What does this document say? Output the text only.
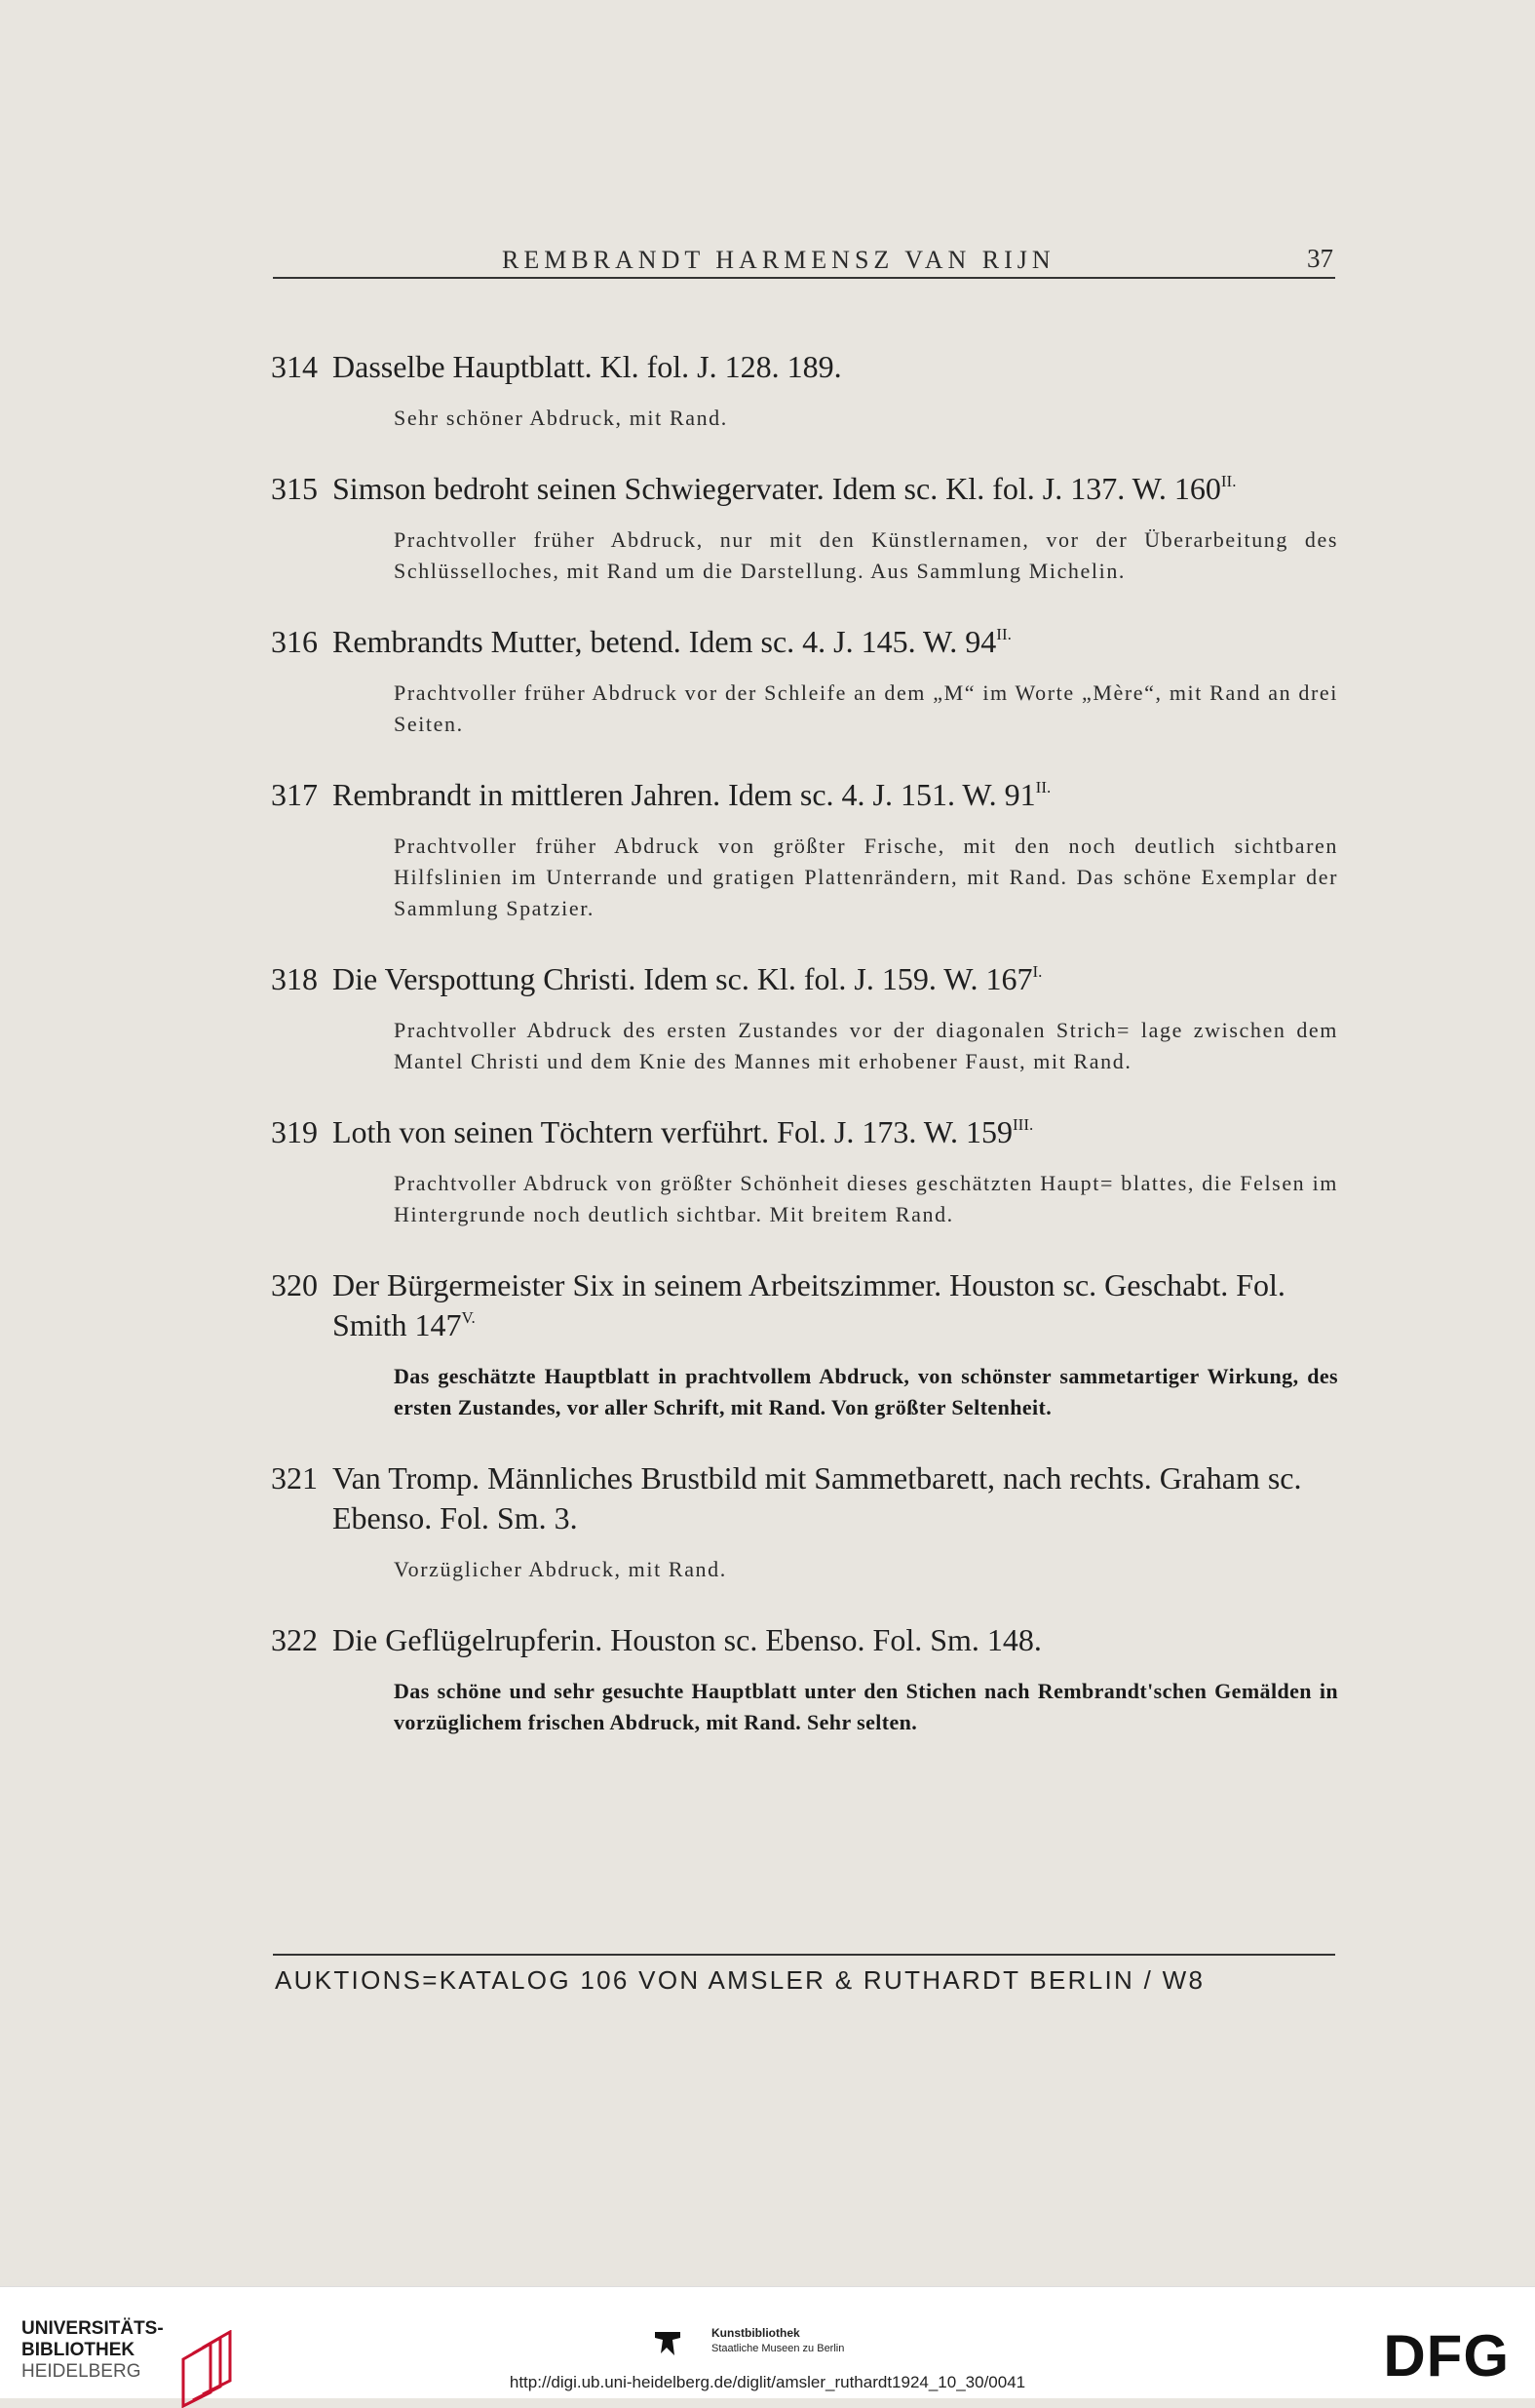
REMBRANDT HARMENSZ VAN RIJN	37
314 Dasselbe Hauptblatt. Kl. fol. J. 128. 189.
Sehr schöner Abdruck, mit Rand.
315 Simson bedroht seinen Schwiegervater. Idem sc. Kl. fol. J. 137. W. $160^{II.}$
Prachtvoller früher Abdruck, nur mit den Künstlernamen, vor der Überarbeitung des Schlüsselloches, mit Rand um die Darstellung. Aus Sammlung Michelin.
316 Rembrandts Mutter, betend. Idem sc. 4. J. 145. W. $94^{II.}$
Prachtvoller früher Abdruck vor der Schleife an dem „M“ im Worte „Mère“, mit Rand an drei Seiten.
317 Rembrandt in mittleren Jahren. Idem sc. 4. J. 151. W. $91^{II.}$
Prachtvoller früher Abdruck von größter Frische, mit den noch deutlich sichtbaren Hilfslinien im Unterrande und gratigen Plattenrändern, mit Rand. Das schöne Exemplar der Sammlung Spatzier.
318 Die Verspottung Christi. Idem sc. Kl. fol. J. 159. W. $167^{I.}$
Prachtvoller Abdruck des ersten Zustandes vor der diagonalen Strich= lage zwischen dem Mantel Christi und dem Knie des Mannes mit erhobener Faust, mit Rand.
319 Loth von seinen Töchtern verführt. Fol. J. 173. W. $159^{III.}$
Prachtvoller Abdruck von größter Schönheit dieses geschätzten Haupt= blattes, die Felsen im Hintergrunde noch deutlich sichtbar. Mit breitem Rand.
320 Der Bürgermeister Six in seinem Arbeitszimmer. Houston sc. Geschabt. Fol. Smith $147^{V.}$
Das geschätzte Hauptblatt in prachtvollem Abdruck, von schönster sammetartiger Wirkung, des ersten Zustandes, vor aller Schrift, mit Rand. Von größter Seltenheit.
321 Van Tromp. Männliches Brustbild mit Sammetbarett, nach rechts. Graham sc. Ebenso. Fol. Sm. 3.
Vorzüglicher Abdruck, mit Rand.
322 Die Geflügelrupferin. Houston sc. Ebenso. Fol. Sm. 148.
Das schöne und sehr gesuchte Hauptblatt unter den Stichen nach Rembrandt'schen Gemälden in vorzüglichem frischen Abdruck, mit Rand. Sehr selten.
AUKTIONS=KATALOG 106 VON AMSLER & RUTHARDT BERLIN / W8
UNIVERSITÄTS-
BIBLIOTHEK
HEIDELBERG
Kunstbibliothek
Staatliche Museen zu Berlin	DFG
http://digi.ub.uni-heidelberg.de/diglit/amsler_ruthardt1924_10_30/0041
